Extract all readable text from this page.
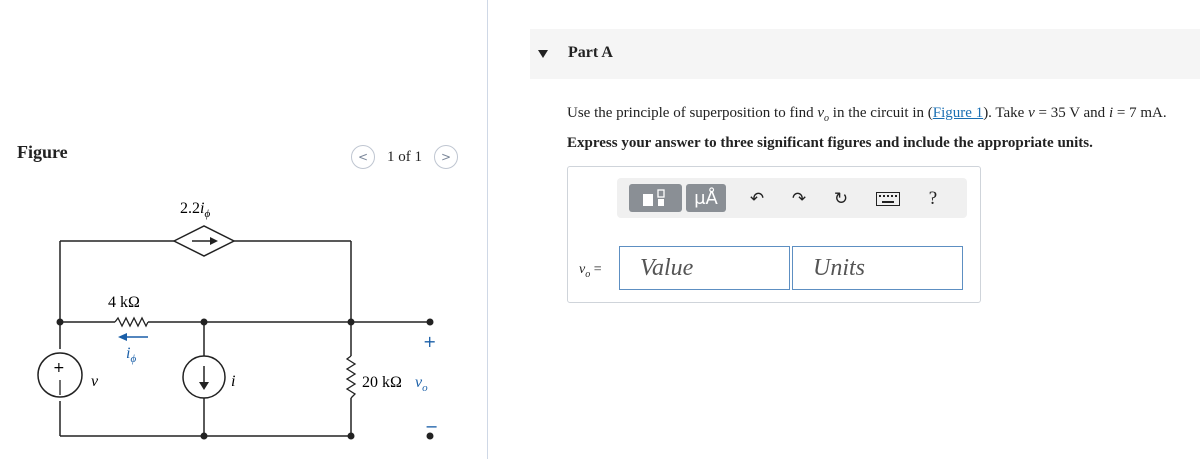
Figure	< 1 of 1 >
$2.2i_\phi$
4 kΩ
$i_\phi$
+
v	i	20 kΩ $v_o$
+
−
Part A
Use the principle of superposition to find $v_o$ in the circuit in (Figure 1). Take v = 35 V and i = 7 mA.
Express your answer to three significant figures and include the appropriate units.
μÅ	↶ ↷ ↻	?
$v_o$ =	Value	Units
